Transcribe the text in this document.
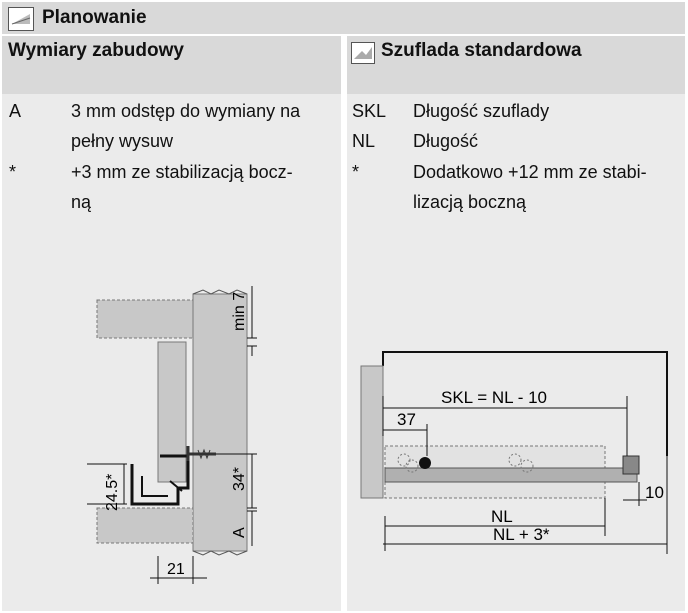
Planowanie
Wymiary zabudowy
A	3 mm odstęp do wymiany na
pełny wysuw
*	+3 mm ze stabilizacją bocz-
ną
min 7
34*
24.5*
A
21
Szuflada standardowa
SKL Długość szuflady
NL Długość
*	Dodatkowo +12 mm ze stabi-
lizacją boczną
SKL = NL - 10
37
10
NL
NL + 3*
